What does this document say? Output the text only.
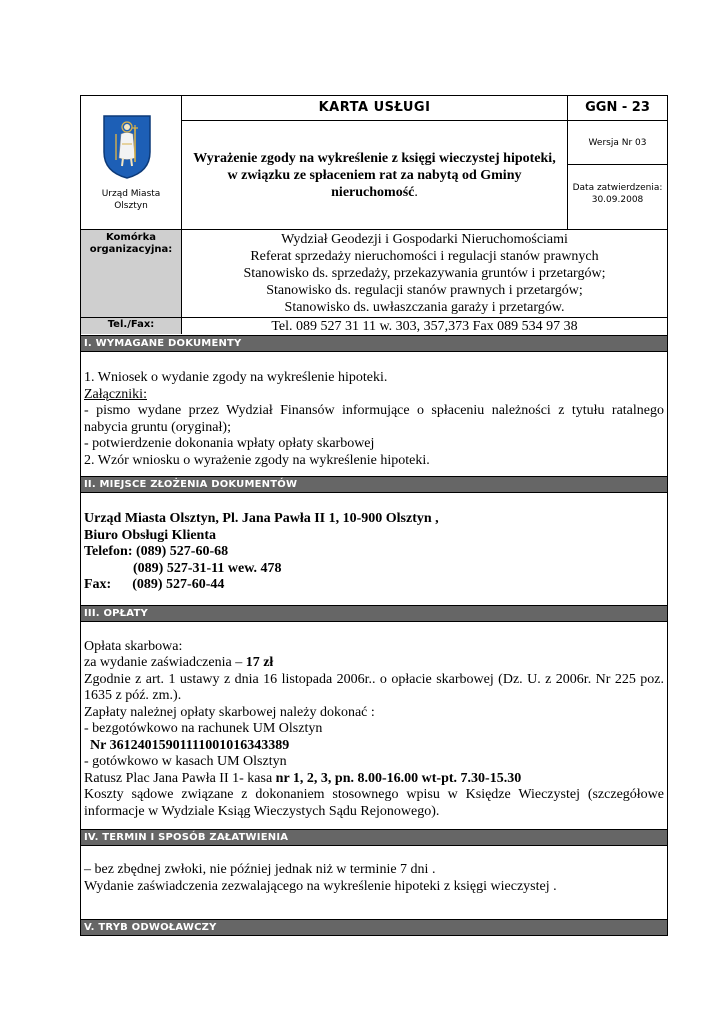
Urząd Miasta
Olsztyn
KARTA USŁUGI	GGN - 23
Wyrażenie zgody na wykreślenie z księgi wieczystej hipoteki,
w związku ze spłaceniem rat za nabytą od Gminy
nieruchomość.
Wersja Nr 03
Data zatwierdzenia:
30.09.2008
Komórka
organizacyjna:
Wydział Geodezji i Gospodarki Nieruchomościami
Referat sprzedaży nieruchomości i regulacji stanów prawnych
Stanowisko ds. sprzedaży, przekazywania gruntów i przetargów;
Stanowisko ds. regulacji stanów prawnych i przetargów;
Stanowisko ds. uwłaszczania garaży i przetargów.
Tel./Fax:	Tel. 089 527 31 11 w. 303, 357,373 Fax 089 534 97 38
I. WYMAGANE DOKUMENTY
1. Wniosek o wydanie zgody na wykreślenie hipoteki.
Załączniki:
- pismo wydane przez Wydział Finansów informujące o spłaceniu należności z tytułu ratalnego nabycia gruntu (oryginał);
- potwierdzenie dokonania wpłaty opłaty skarbowej
2. Wzór wniosku o wyrażenie zgody na wykreślenie hipoteki.
II. MIEJSCE ZŁOŻENIA DOKUMENTÓW
Urząd Miasta Olsztyn, Pl. Jana Pawła II 1, 10-900 Olsztyn ,
Biuro Obsługi Klienta
Telefon: (089) 527-60-68
(089) 527-31-11 wew. 478
Fax:      (089) 527-60-44
III. OPŁATY
Opłata skarbowa:
za wydanie zaświadczenia – 17 zł
Zgodnie z art. 1 ustawy z dnia 16 listopada 2006r.. o opłacie skarbowej (Dz. U. z 2006r. Nr 225 poz. 1635 z póź. zm.).
Zapłaty należnej opłaty skarbowej należy dokonać :
- bezgotówkowo na rachunek UM Olsztyn
Nr 36124015901111001016343389
- gotówkowo w kasach UM Olsztyn
Ratusz Plac Jana Pawła II 1- kasa nr 1, 2, 3, pn. 8.00-16.00 wt-pt. 7.30-15.30
Koszty sądowe związane z dokonaniem stosownego wpisu w Księdze Wieczystej (szczegółowe informacje w Wydziale Ksiąg Wieczystych Sądu Rejonowego).
IV. TERMIN I SPOSÓB ZAŁATWIENIA
– bez zbędnej zwłoki, nie później jednak niż w terminie 7 dni .
Wydanie zaświadczenia zezwalającego na wykreślenie hipoteki z księgi wieczystej .
V. TRYB ODWOŁAWCZY
